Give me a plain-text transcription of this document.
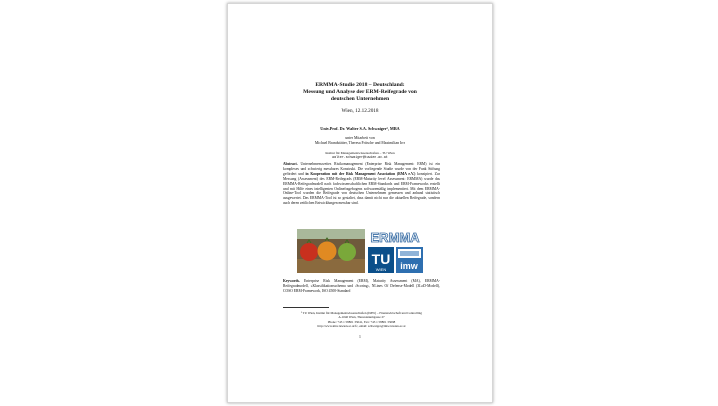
ERMMA-Studie 2018 – Deutschland:
Messung und Analyse der ERM-Reifegrade von
deutschen Unternehmen
Wien, 12.12.2018
Univ.Prof. Dr. Walter S.A. Schwaiger¹, MBA
unter Mitarbeit von
Michael Brandstätter, Theresa Fritsche und Maximilian Irrr
Institut für Managementwissenschaften – TU Wien
walter.schwaiger@tuwien.ac.at
Abstract. Unternehmensweites Risikomanagement (Enterprise Risk Management: ERM) ist ein komplexes und schwierig messbares Konstrukt. Die vorliegende Studie wurde von der Funk Stiftung gefördert und in Kooperation mit der Risk Management Association (RMA e.V.) konzipiert. Zur Messung (Assessment) des ERM-Reifegrads (ERM-Maturity level Assessment: ERMMA) wurde das ERMMA-Reifegradmodell nach fachwissenschaftlichen ERM-Standards und ERM-Frameworks erstellt und mit Hilfe eines intelligenten Onlinefragebogens softwaremäßig implementiert. Mit dem ERMMA-Online-Tool wurden die Reifegrade von deutschen Unternehmen gemessen und anhand statistisch ausgewertet. Das ERMMA-Tool ist so gestaltet, dass damit nicht nur die aktuellen Reifegrade, sondern auch deren zeitlichen Entwicklungen messbar sind.
ERMMA
TU
WIEN imw
Keywords. Enterprise Risk Management (ERM), Maturity Assessment (MA), ERMMA-Reifegradmodell, »Klassifikationsschema und ›Scoring‹, NLines Of Defense-Modell (3LoD-Modell), COSO ERM-Framework, ISO 4500-Standard
¹ TU Wien, Institut für Managementwissenschaften (IMW) – Finanzwirtschaft und Controlling
A-1040 Wien, Theresianumgasse 27
Phone: +43 1 58801 33041, Fax: +43 1 58801 33098
http://www.imw.tuwien.ac.at/fc, email: schwaiger@imw.tuwien.ac.at
1
